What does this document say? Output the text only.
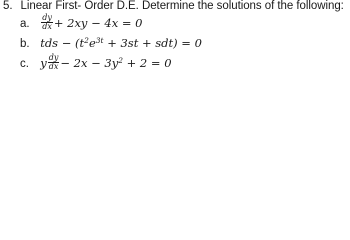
5. Linear First- Order D.E. Determine the solutions of the following:
a. $\frac{dy}{dx} + 2xy - 4x = 0$
b. tds − $(t^2e^{3t} + 3st + sdt) = 0$
c. y $\frac{dy}{dx} - 2x - 3y^2 + 2 = 0$
